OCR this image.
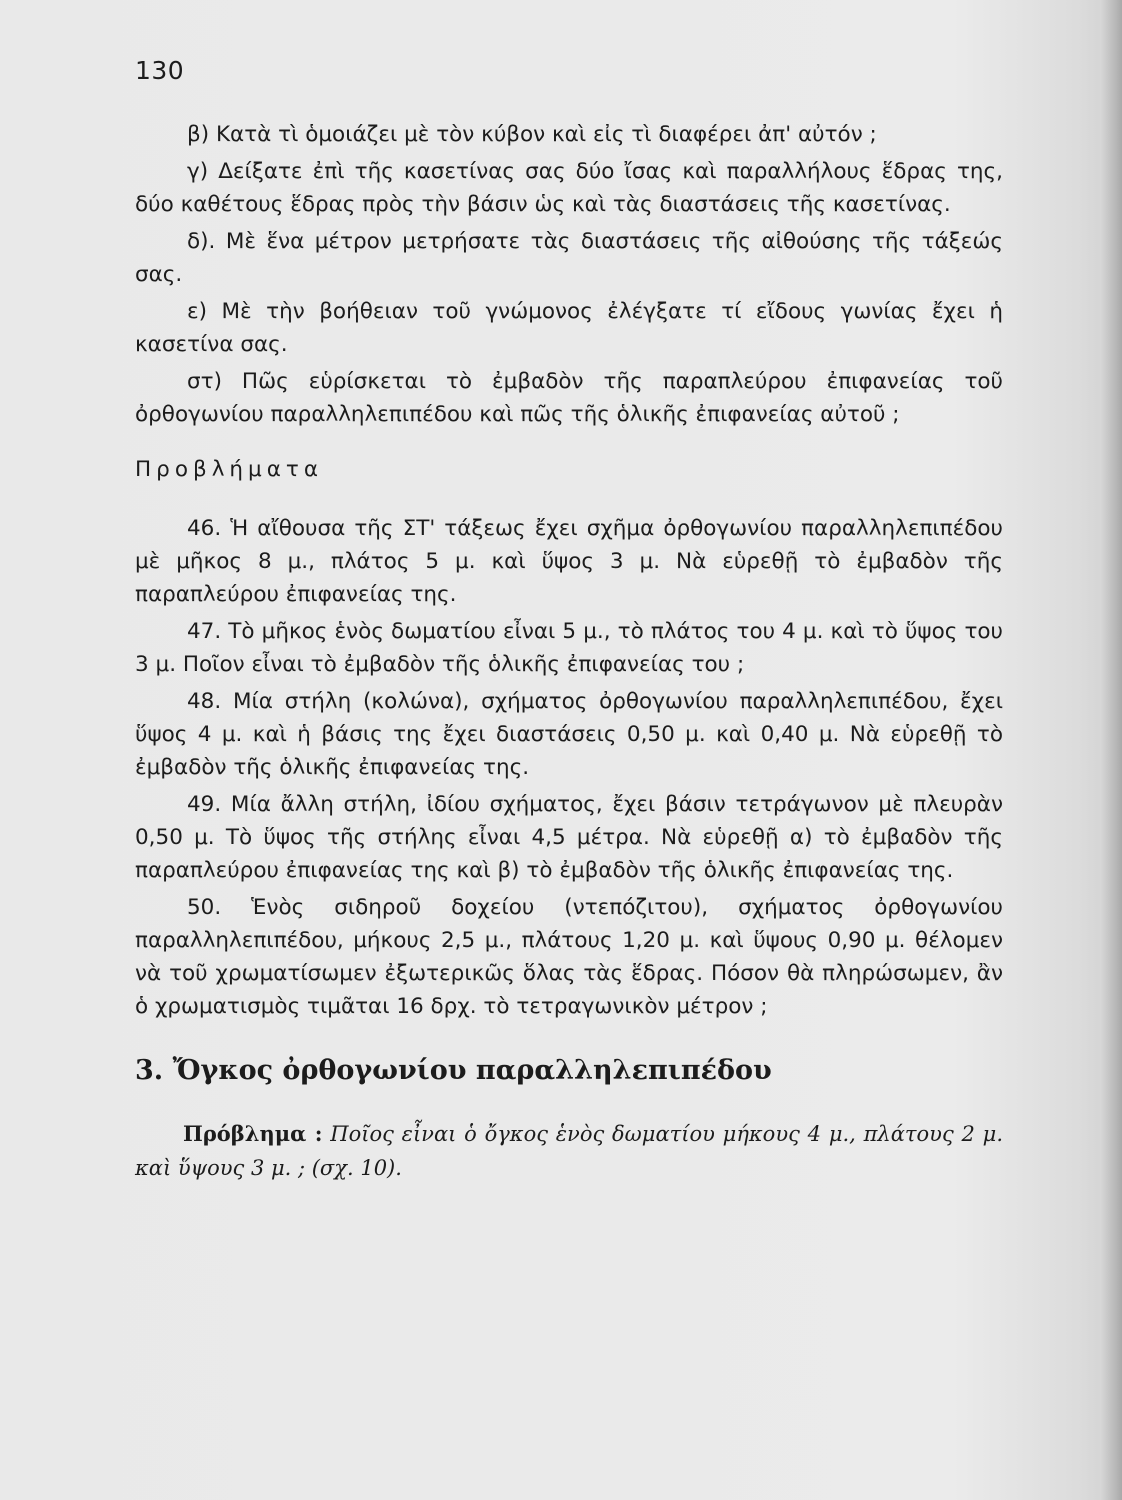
130

β) Κατὰ τὶ ὁμοιάζει μὲ τὸν κύβον καὶ εἰς τὶ διαφέρει ἀπ' αὐτόν ;

γ) Δείξατε ἐπὶ τῆς κασετίνας σας δύο ἴσας καὶ παραλλήλους ἕδρας της, δύο καθέτους ἕδρας πρὸς τὴν βάσιν ὡς καὶ τὰς διαστάσεις τῆς κασετίνας.

δ). Μὲ ἕνα μέτρον μετρήσατε τὰς διαστάσεις τῆς αἰθούσης τῆς τάξεώς σας.

ε) Μὲ τὴν βοήθειαν τοῦ γνώμονος ἐλέγξατε τί εἴδους γωνίας ἔχει ἡ κασετίνα σας.

στ) Πῶς εὑρίσκεται τὸ ἐμβαδὸν τῆς παραπλεύρου ἐπιφανείας τοῦ ὀρθογωνίου παραλληλεπιπέδου καὶ πῶς τῆς ὁλικῆς ἐπιφανείας αὐτοῦ ;

Προβλήματα

46. Ἡ αἴθουσα τῆς ΣΤ' τάξεως ἔχει σχῆμα ὀρθογωνίου παραλληλεπιπέδου μὲ μῆκος 8 μ., πλάτος 5 μ. καὶ ὕψος 3 μ. Νὰ εὑρεθῇ τὸ ἐμβαδὸν τῆς παραπλεύρου ἐπιφανείας της.

47. Τὸ μῆκος ἑνὸς δωματίου εἶναι 5 μ., τὸ πλάτος του 4 μ. καὶ τὸ ὕψος του 3 μ. Ποῖον εἶναι τὸ ἐμβαδὸν τῆς ὁλικῆς ἐπιφανείας του ;

48. Μία στήλη (κολώνα), σχήματος ὀρθογωνίου παραλληλεπιπέδου, ἔχει ὕψος 4 μ. καὶ ἡ βάσις της ἔχει διαστάσεις 0,50 μ. καὶ 0,40 μ. Νὰ εὑρεθῇ τὸ ἐμβαδὸν τῆς ὁλικῆς ἐπιφανείας της.

49. Μία ἄλλη στήλη, ἰδίου σχήματος, ἔχει βάσιν τετράγωνον μὲ πλευρὰν 0,50 μ. Τὸ ὕψος τῆς στήλης εἶναι 4,5 μέτρα. Νὰ εὑρεθῇ α) τὸ ἐμβαδὸν τῆς παραπλεύρου ἐπιφανείας της καὶ β) τὸ ἐμβαδὸν τῆς ὁλικῆς ἐπιφανείας της.

50. Ἑνὸς σιδηροῦ δοχείου (ντεπόζιτου), σχήματος ὀρθογωνίου παραλληλεπιπέδου, μήκους 2,5 μ., πλάτους 1,20 μ. καὶ ὕψους 0,90 μ. θέλομεν νὰ τοῦ χρωματίσωμεν ἐξωτερικῶς ὅλας τὰς ἕδρας. Πόσον θὰ πληρώσωμεν, ἂν ὁ χρωματισμὸς τιμᾶται 16 δρχ. τὸ τετραγωνικὸν μέτρον ;

3. Ὄγκος ὀρθογωνίου παραλληλεπιπέδου

Πρόβλημα : Ποῖος εἶναι ὁ ὄγκος ἑνὸς δωματίου μήκους 4 μ., πλάτους 2 μ. καὶ ὕψους 3 μ. ; (σχ. 10).
